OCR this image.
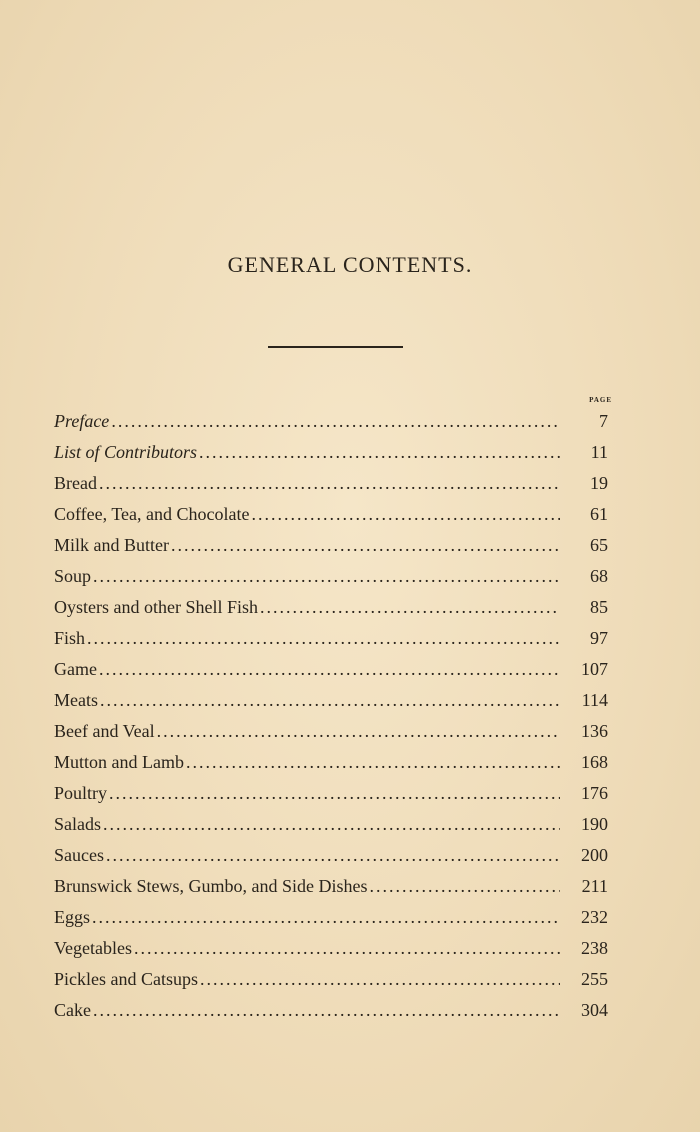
GENERAL CONTENTS.
PAGE
Preface .....	7
List of Contributors .....	11
Bread .....	19
Coffee, Tea, and Chocolate .....	61
Milk and Butter .....	65
Soup .....	68
Oysters and other Shell Fish .....	85
Fish .....	97
Game .....	107
Meats .....	114
Beef and Veal .....	136
Mutton and Lamb .....	168
Poultry .....	176
Salads .....	190
Sauces .....	200
Brunswick Stews, Gumbo, and Side Dishes .....	211
Eggs .....	232
Vegetables .....	238
Pickles and Catsups .....	255
Cake .....	304
